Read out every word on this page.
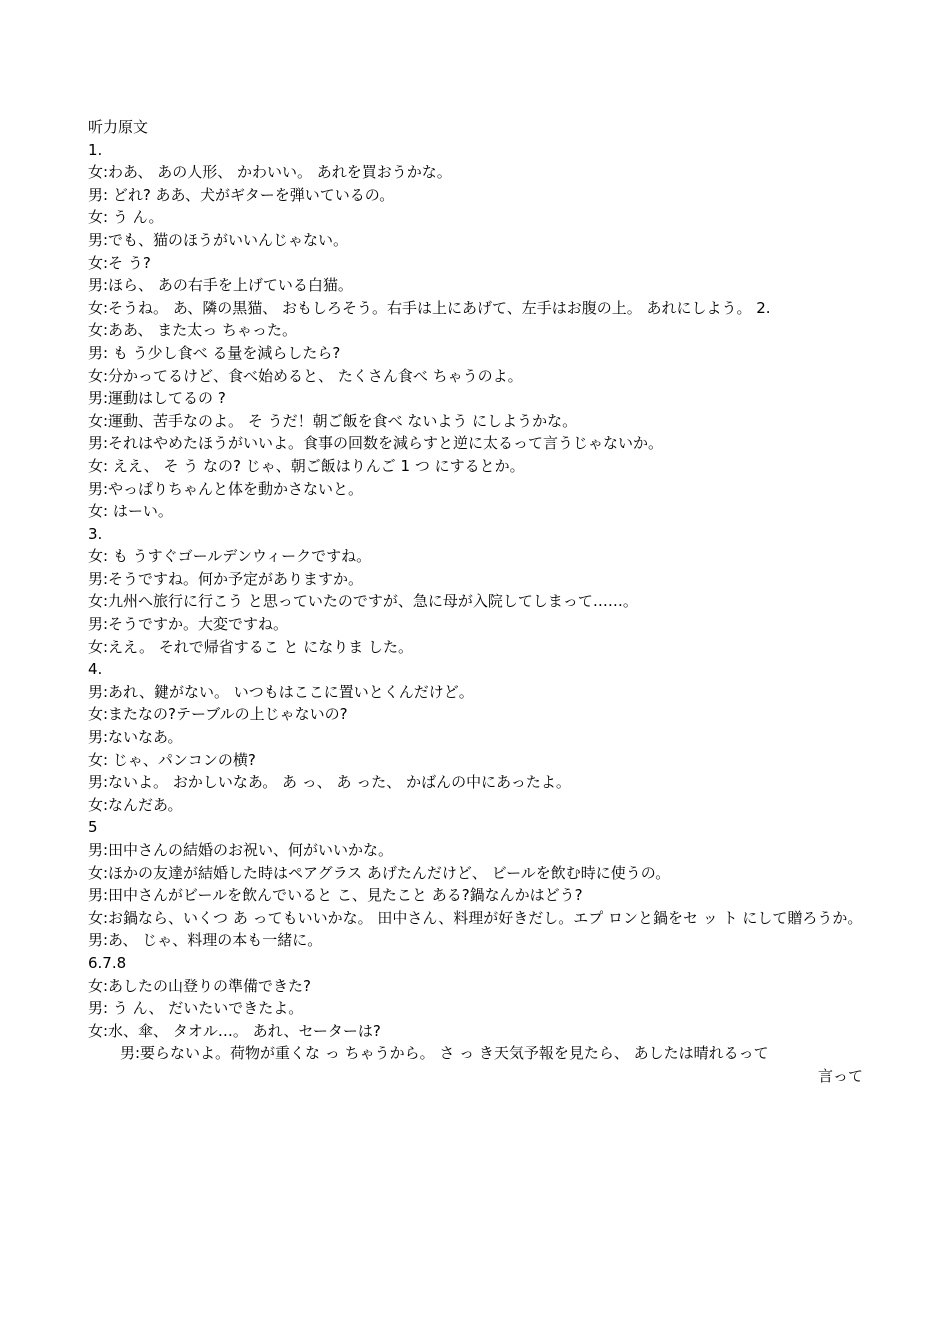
听力原文
1.
女:わあ、 あの人形、 かわいい。 あれを買おうかな。
男: どれ? ああ、犬がギターを弾いているの。
女: う ん。
男:でも、猫のほうがいいんじゃない。
女:そ う?
男:ほら、 あの右手を上げている白猫。
女:そうね。 あ、隣の黒猫、 おもしろそう。右手は上にあげて、左手はお腹の上。 あれにしよう。 2.
女:ああ、 また太っ ちゃった。
男: も う少し食べ る量を減らしたら?
女:分かってるけど、食べ始めると、 たくさん食べ ちゃうのよ。
男:運動はしてるの ?
女:運動、苦手なのよ。 そ うだ！朝ご飯を食べ ないよう にしようかな。
男:それはやめたほうがいいよ。食事の回数を減らすと逆に太るって言うじゃないか。
女: ええ、 そ う なの? じゃ、朝ご飯はりんご 1 つ にするとか。
男:やっぱりちゃんと体を動かさないと。
女: はーい。
3.
女: も うすぐゴールデンウィークですね。
男:そうですね。何か予定がありますか。
女:九州へ旅行に行こう と思っていたのですが、急に母が入院してしまって……。
男:そうですか。大変ですね。
女:ええ。 それで帰省するこ と になりま した。
4.
男:あれ、鍵がない。 いつもはここに置いとくんだけど。
女:またなの?テーブルの上じゃないの?
男:ないなあ。
女: じゃ、パンコンの横?
男:ないよ。 おかしいなあ。 あ っ、 あ った、 かばんの中にあったよ。
女:なんだあ。
5
男:田中さんの結婚のお祝い、何がいいかな。
女:ほかの友達が結婚した時はペアグラス あげたんだけど、 ビールを飲む時に使うの。
男:田中さんがビールを飲んでいると こ、見たこと ある?鍋なんかはどう?
女:お鍋なら、いくつ あ ってもいいかな。 田中さん、料理が好きだし。エプ ロンと鍋をセ ッ ト にして贈ろうか。
男:あ、 じゃ、料理の本も一緒に。
6.7.8
女:あしたの山登りの準備できた?
男: う ん、 だいたいできたよ。
女:水、傘、 タオル…。 あれ、セーターは?
男:要らないよ。荷物が重くな っ ちゃうから。 さ っ き天気予報を見たら、 あしたは晴れるって
言って
